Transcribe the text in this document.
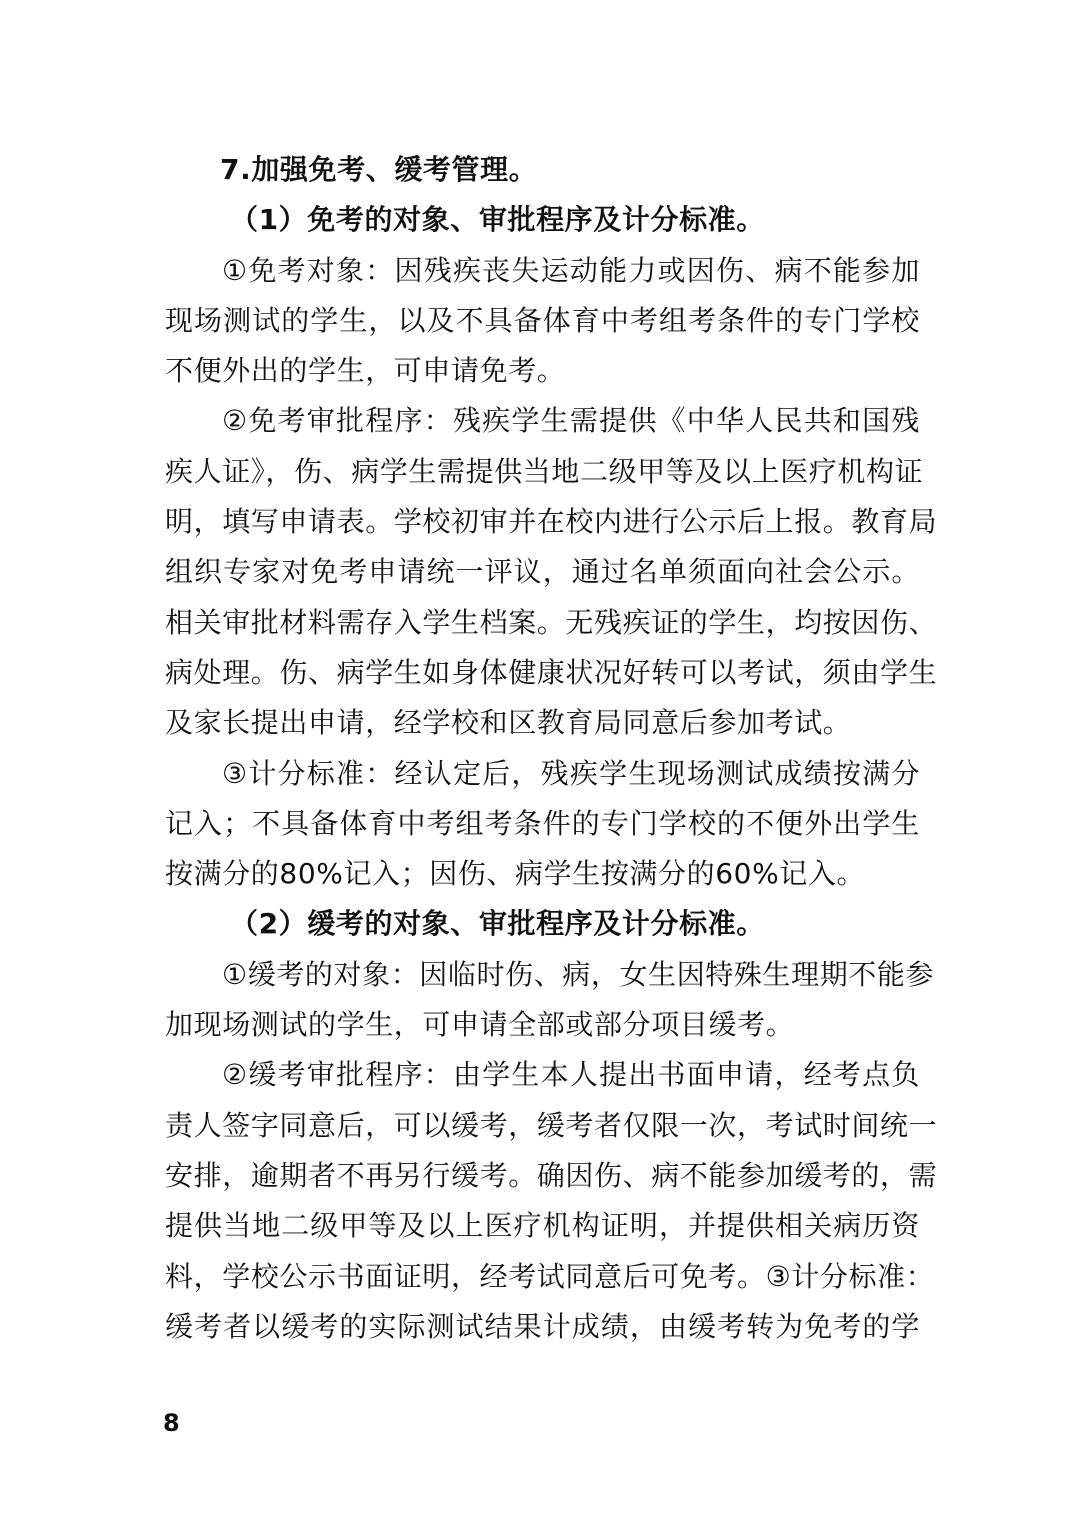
7.加强免考、缓考管理。
（1）免考的对象、审批程序及计分标准。
①免考对象：因残疾丧失运动能力或因伤、病不能参加
现场测试的学生，以及不具备体育中考组考条件的专门学校
不便外出的学生，可申请免考。
②免考审批程序：残疾学生需提供《中华人民共和国残
疾人证》，伤、病学生需提供当地二级甲等及以上医疗机构证
明，填写申请表。学校初审并在校内进行公示后上报。教育局
组织专家对免考申请统一评议，通过名单须面向社会公示。
相关审批材料需存入学生档案。无残疾证的学生，均按因伤、
病处理。伤、病学生如身体健康状况好转可以考试，须由学生
及家长提出申请，经学校和区教育局同意后参加考试。
③计分标准：经认定后，残疾学生现场测试成绩按满分
记入；不具备体育中考组考条件的专门学校的不便外出学生
按满分的80%记入；因伤、病学生按满分的60%记入。
（2）缓考的对象、审批程序及计分标准。
①缓考的对象：因临时伤、病，女生因特殊生理期不能参
加现场测试的学生，可申请全部或部分项目缓考。
②缓考审批程序：由学生本人提出书面申请，经考点负
责人签字同意后，可以缓考，缓考者仅限一次，考试时间统一
安排，逾期者不再另行缓考。确因伤、病不能参加缓考的，需
提供当地二级甲等及以上医疗机构证明，并提供相关病历资
料，学校公示书面证明，经考试同意后可免考。③计分标准：
缓考者以缓考的实际测试结果计成绩，由缓考转为免考的学
8
